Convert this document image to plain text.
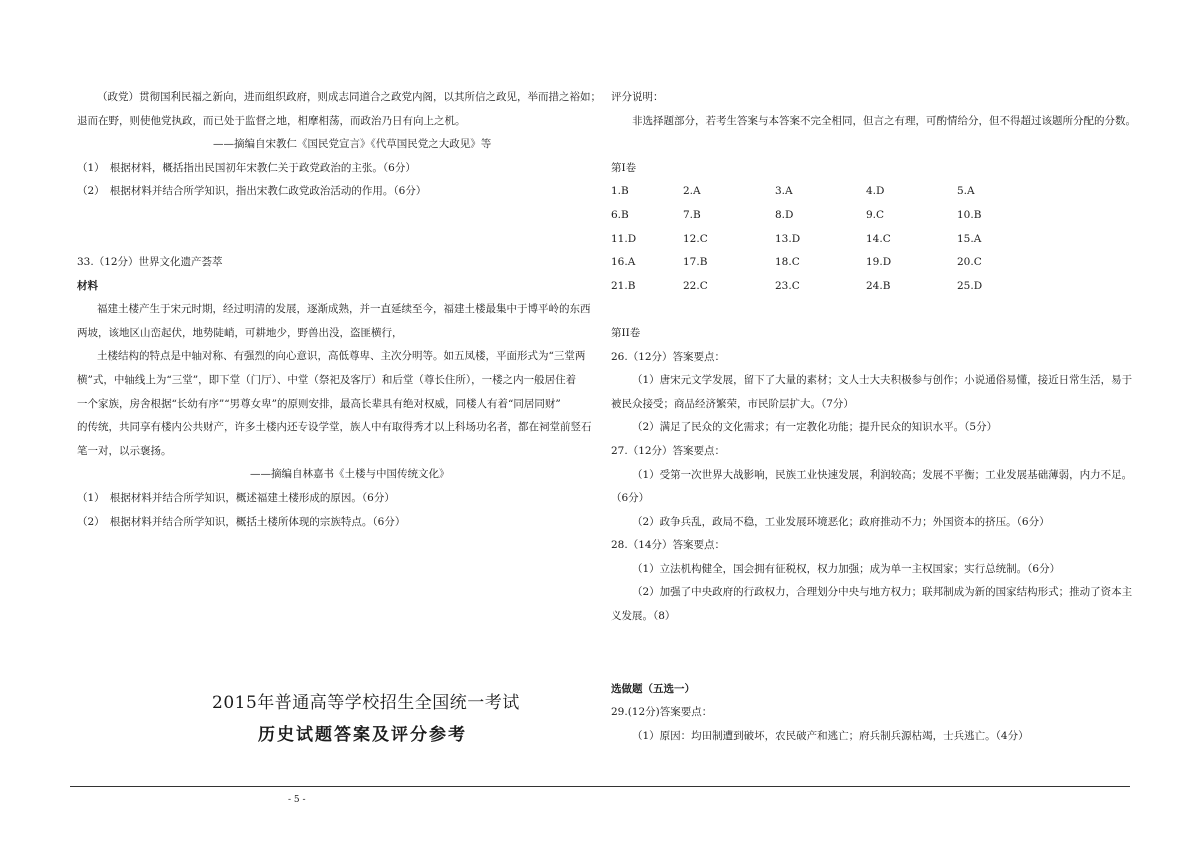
（政党）贯彻国利民福之新向，进而组织政府，则成志同道合之政党内阁，以其所信之政见，举而措之裕如；
退而在野，则使他党执政，而已处于监督之地，相摩相荡，而政治乃日有向上之机。
——摘编自宋教仁《国民党宣言》《代草国民党之大政见》等
（1）　根据材料，概括指出民国初年宋教仁关于政党政治的主张。（6分）
（2）　根据材料并结合所学知识，指出宋教仁政党政治活动的作用。（6分）
33.（12分）世界文化遗产荟萃
材料
福建土楼产生于宋元时期，经过明清的发展，逐渐成熟，并一直延续至今，福建土楼最集中于博平岭的东西
两坡，该地区山峦起伏，地势陡峭，可耕地少，野兽出没，盗匪横行，
土楼结构的特点是中轴对称、有强烈的向心意识，高低尊卑、主次分明等。如五凤楼，平面形式为“三堂两
横”式，中轴线上为“三堂”，即下堂（门厅）、中堂（祭祀及客厅）和后堂（尊长住所），一楼之内一般居住着
一个家族，房舍根据“长幼有序”“男尊女卑”的原则安排，最高长辈具有绝对权威，同楼人有着“同居同财”
的传统，共同享有楼内公共财产，许多土楼内还专设学堂，族人中有取得秀才以上科场功名者，都在祠堂前竖石
笔一对，以示褒扬。
——摘编自林嘉书《土楼与中国传统文化》
（1）　根据材料并结合所学知识，概述福建土楼形成的原因。（6分）
（2）　根据材料并结合所学知识，概括土楼所体现的宗族特点。（6分）
评分说明：
非选择题部分，若考生答案与本答案不完全相同，但言之有理，可酌情给分，但不得超过该题所分配的分数。
第I卷
1.B	2.A	3.A	4.D	5.A
6.B	7.B	8.D	9.C	10.B
11.D	12.C	13.D	14.C	15.A
16.A	17.B	18.C	19.D	20.C
21.B	22.C	23.C	24.B	25.D
第II卷
26.（12分）答案要点：
（1）唐宋元文学发展，留下了大量的素材；文人士大夫积极参与创作；小说通俗易懂，接近日常生活，易于
被民众接受；商品经济繁荣，市民阶层扩大。（7分）
（2）满足了民众的文化需求；有一定教化功能；提升民众的知识水平。（5分）
27.（12分）答案要点：
（1）受第一次世界大战影响，民族工业快速发展，利润较高；发展不平衡；工业发展基础薄弱，内力不足。
（6分）
（2）政争兵乱，政局不稳，工业发展环境恶化；政府推动不力；外国资本的挤压。（6分）
28.（14分）答案要点：
（1）立法机构健全，国会拥有征税权，权力加强；成为单一主权国家；实行总统制。（6分）
（2）加强了中央政府的行政权力，合理划分中央与地方权力；联邦制成为新的国家结构形式；推动了资本主
义发展。（8）
选做题（五选一）
29.(12分)答案要点：
（1）原因：均田制遭到破坏，农民破产和逃亡；府兵制兵源枯竭，士兵逃亡。（4分）
2015年普通高等学校招生全国统一考试
历史试题答案及评分参考
- 5 -
